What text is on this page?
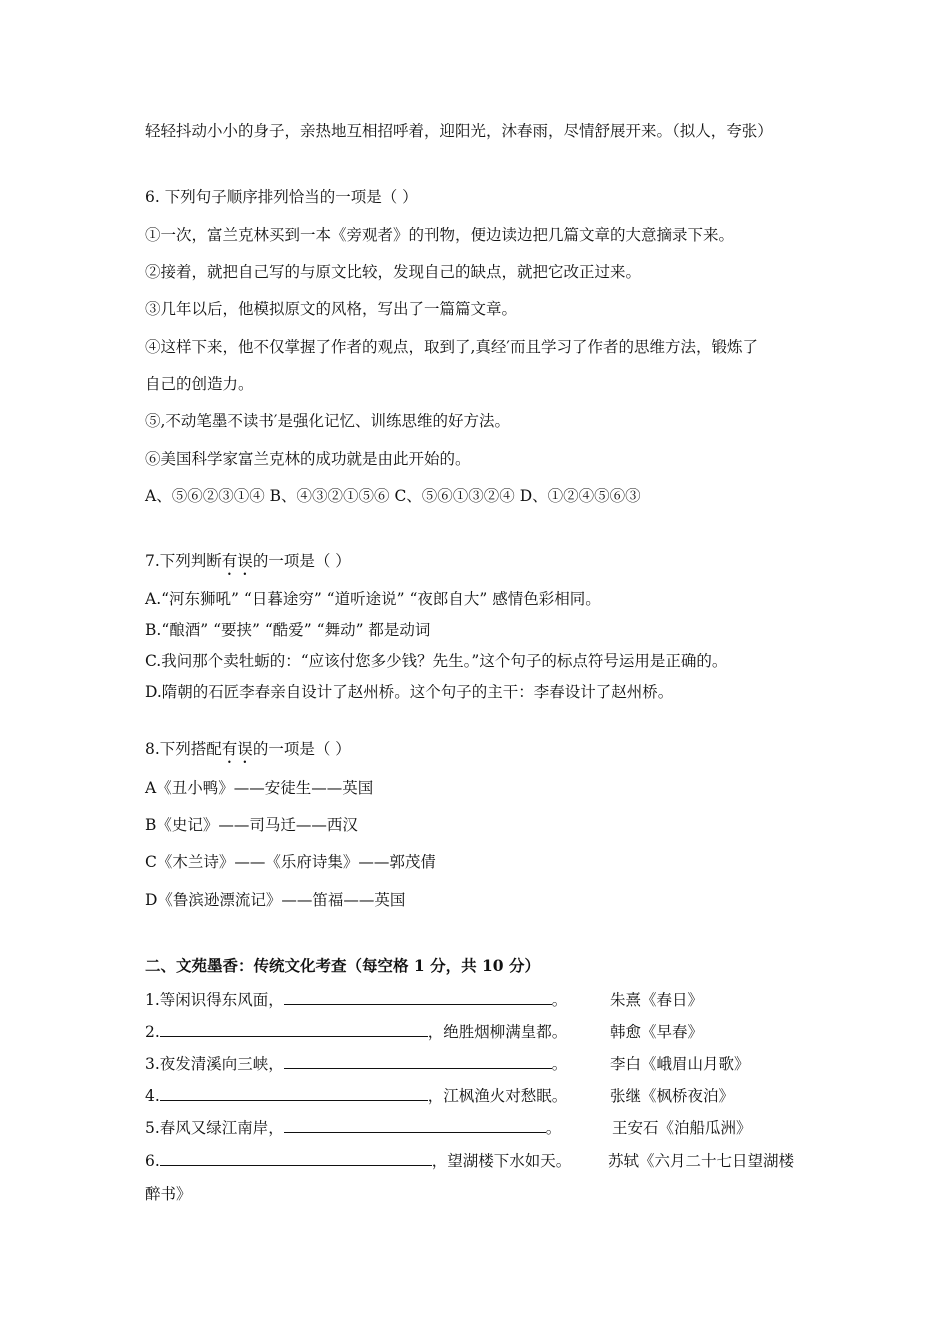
轻轻抖动小小的身子，亲热地互相招呼着，迎阳光，沐春雨，尽情舒展开来。（拟人，夸张）
6. 下列句子顺序排列恰当的一项是（ ）
①一次，富兰克林买到一本《旁观者》的刊物，便边读边把几篇文章的大意摘录下来。
②接着，就把自己写的与原文比较，发现自己的缺点，就把它改正过来。
③几年以后，他模拟原文的风格，写出了一篇篇文章。
④这样下来，他不仅掌握了作者的观点，取到了,真经′而且学习了作者的思维方法，锻炼了
自己的创造力。
⑤,不动笔墨不读书′是强化记忆、训练思维的好方法。
⑥美国科学家富兰克林的成功就是由此开始的。
A、⑤⑥②③①④ B、④③②①⑤⑥ C、⑤⑥①③②④ D、①②④⑤⑥③
7.下列判断有误的一项是（ ）
A.“河东狮吼” “日暮途穷” “道听途说” “夜郎自大” 感情色彩相同。
B.“酿酒” “要挟” “酷爱” “舞动” 都是动词
C.我问那个卖牡蛎的：“应该付您多少钱？先生。”这个句子的标点符号运用是正确的。
D.隋朝的石匠李春亲自设计了赵州桥。这个句子的主干：李春设计了赵州桥。
8.下列搭配有误的一项是（ ）
A《丑小鸭》——安徒生——英国
B《史记》——司马迁——西汉
C《木兰诗》——《乐府诗集》——郭茂倩
D《鲁滨逊漂流记》——笛福——英国
二、文苑墨香：传统文化考查（每空格 1 分，共 10 分）
1.等闲识得东风面，	。	朱熹《春日》
2.	，绝胜烟柳满皇都。	韩愈《早春》
3.夜发清溪向三峡，	。	李白《峨眉山月歌》
4.	，江枫渔火对愁眠。	张继《枫桥夜泊》
5.春风又绿江南岸，	。	王安石《泊船瓜洲》
6.	，望湖楼下水如天。 苏轼《六月二十七日望湖楼
醉书》
